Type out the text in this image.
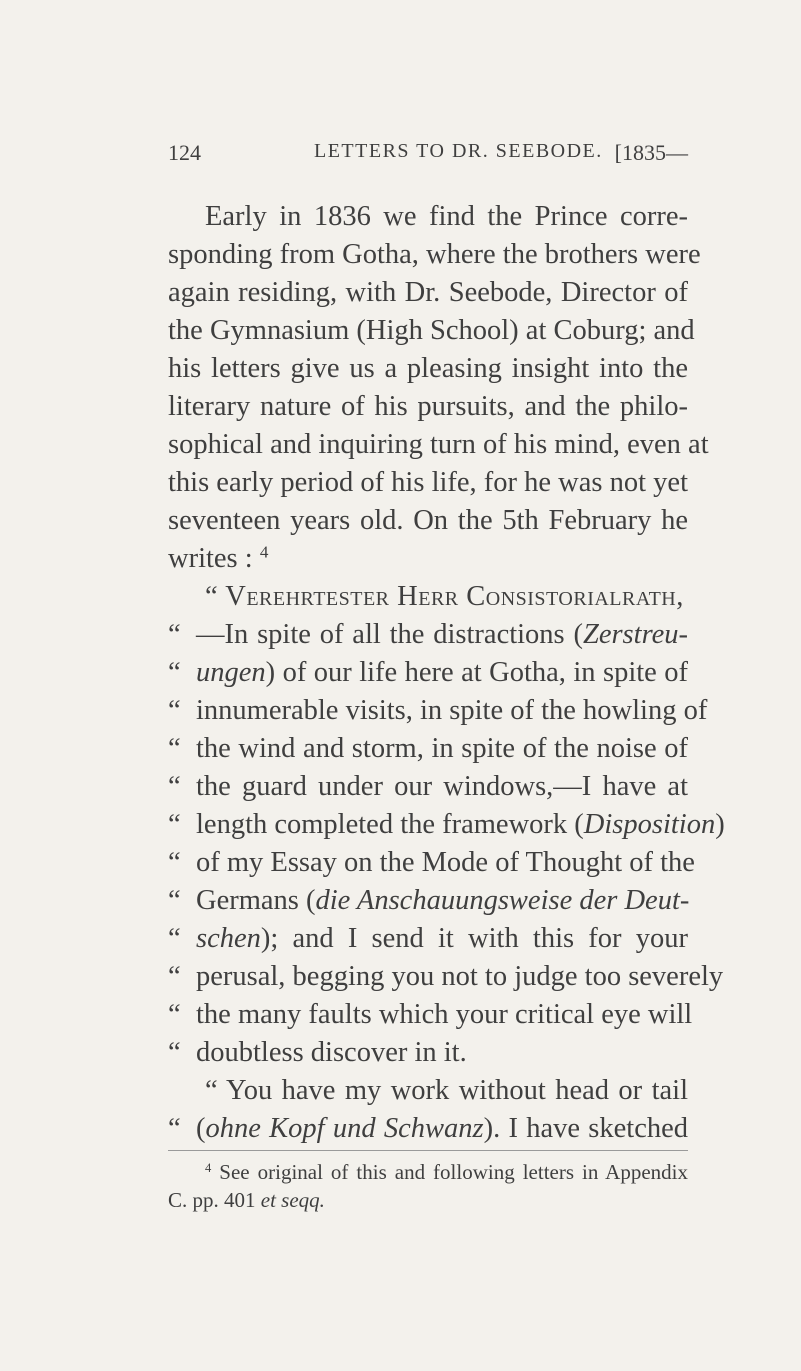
124	LETTERS TO DR. SEEBODE. [1835—
Early in 1836 we find the Prince corre-
sponding from Gotha, where the brothers were
again residing, with Dr. Seebode, Director of
the Gymnasium (High School) at Coburg; and
his letters give us a pleasing insight into the
literary nature of his pursuits, and the philo-
sophical and inquiring turn of his mind, even at
this early period of his life, for he was not yet
seventeen years old. On the 5th February he
writes : $^4$
“ Verehrtester Herr Consistorialrath,
“ —In spite of all the distractions (Zerstreu-
“ ungen) of our life here at Gotha, in spite of
“ innumerable visits, in spite of the howling of
“ the wind and storm, in spite of the noise of
“ the guard under our windows,—I have at
“ length completed the framework (Disposition)
“ of my Essay on the Mode of Thought of the
“ Germans (die Anschauungsweise der Deut-
“ schen); and I send it with this for your
“ perusal, begging you not to judge too severely
“ the many faults which your critical eye will
“ doubtless discover in it.
“ You have my work without head or tail
“ (ohne Kopf und Schwanz). I have sketched
$^4$ See original of this and following letters in Appendix
C. pp. 401 et seqq.
